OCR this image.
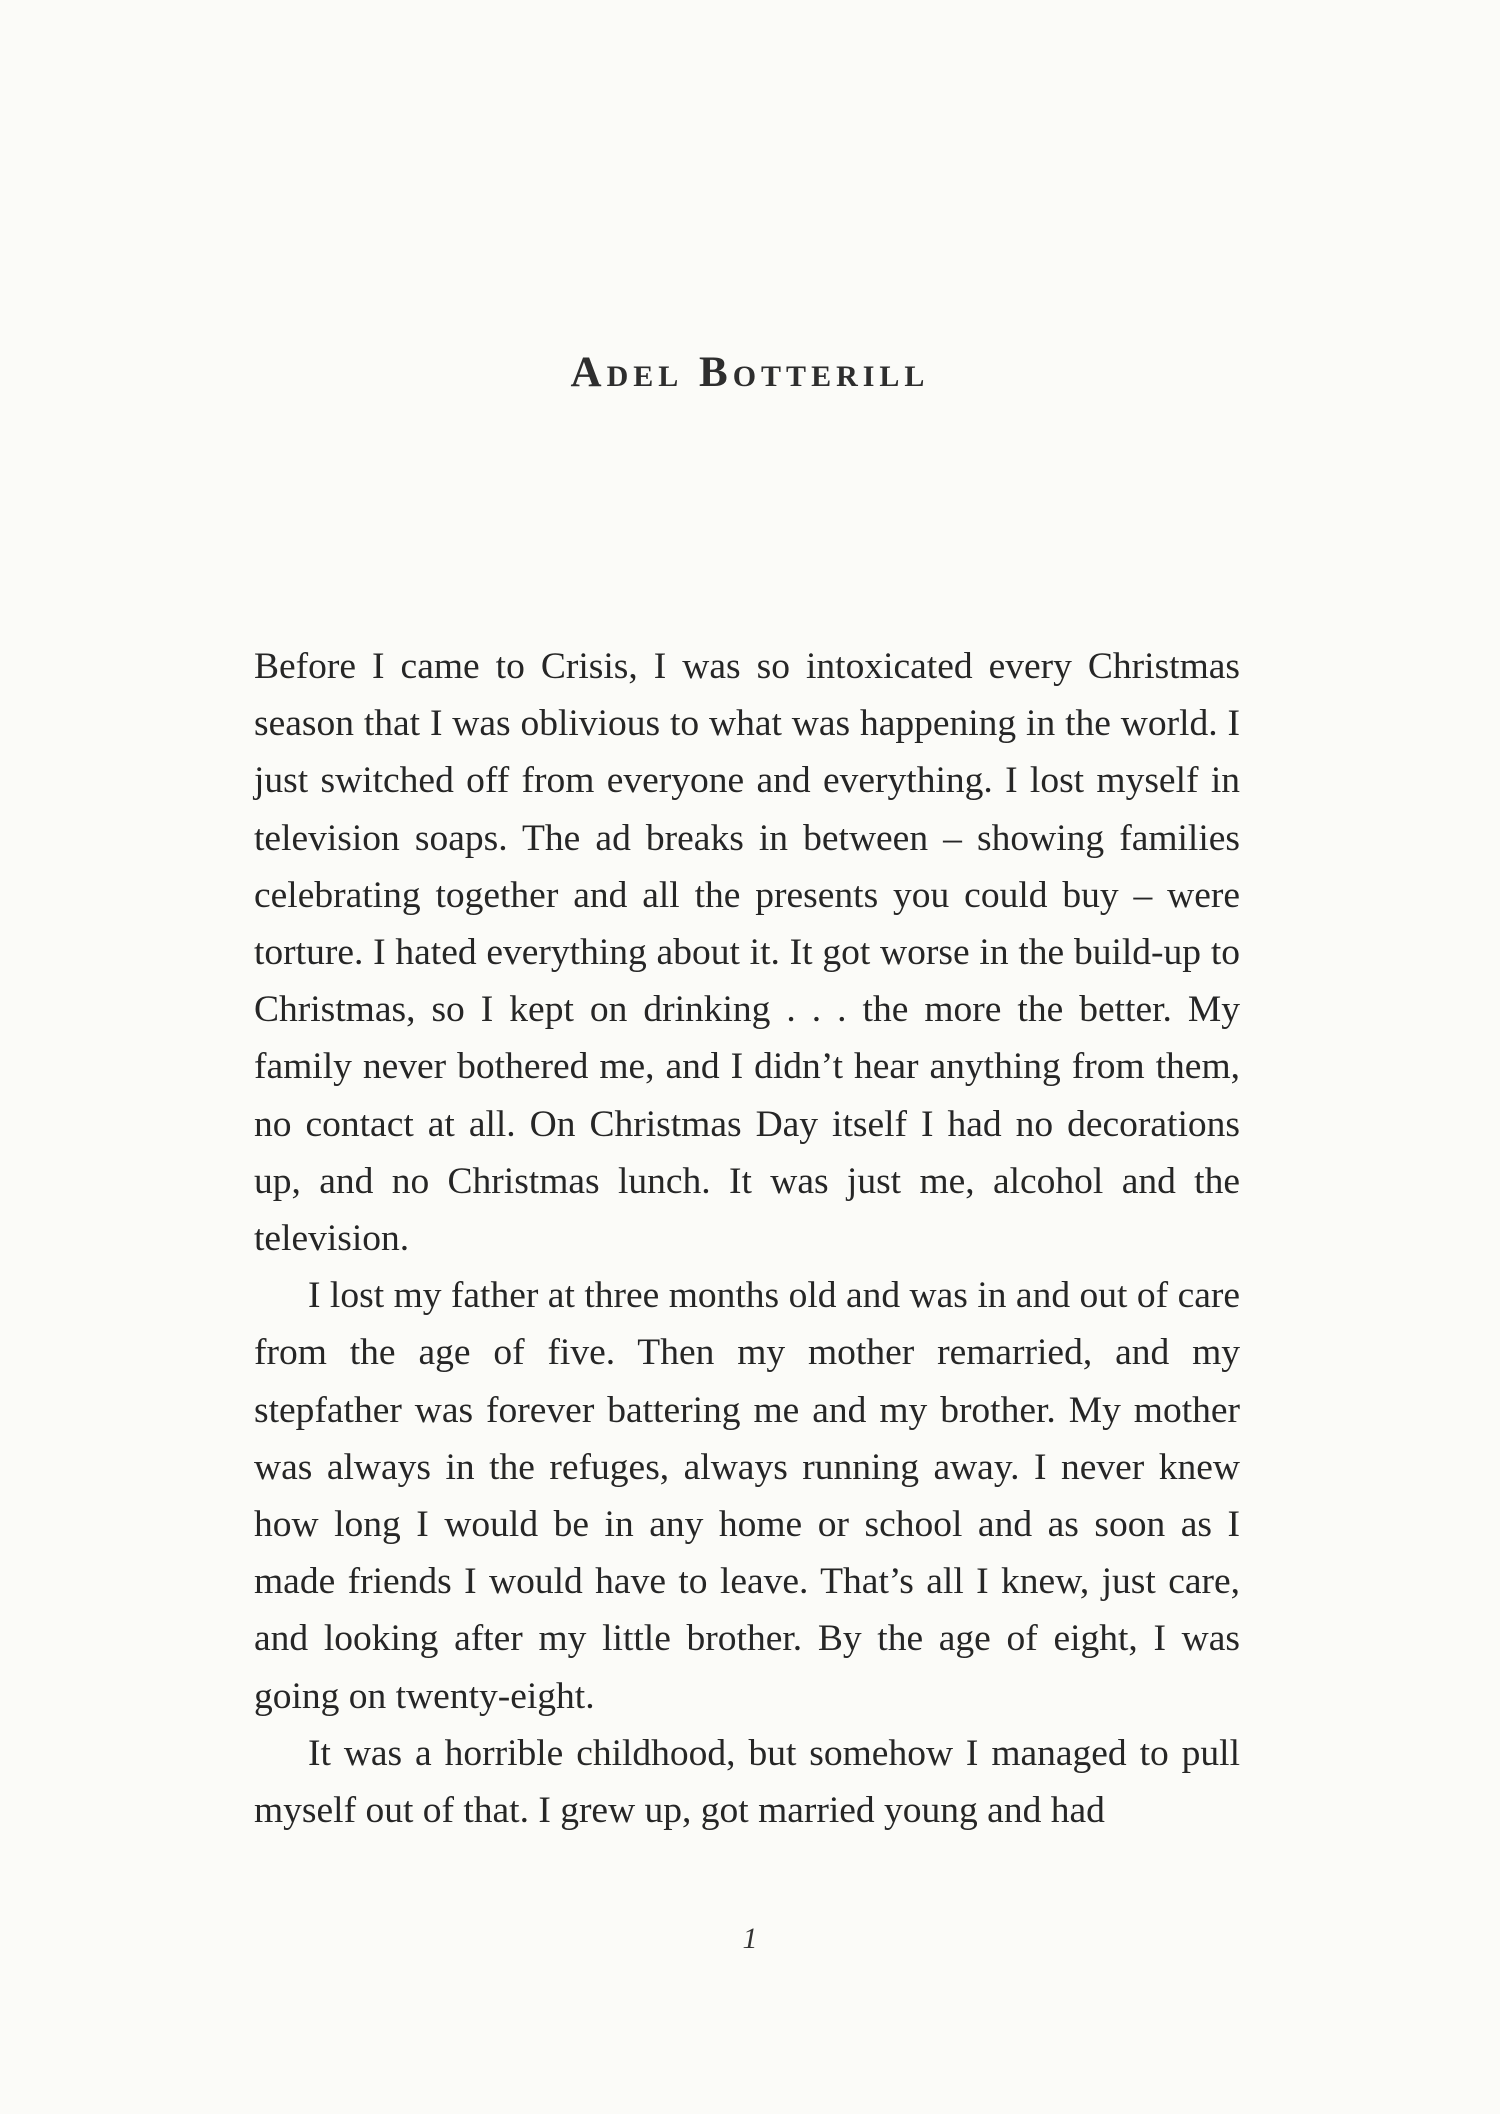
Adel Botterill

Before I came to Crisis, I was so intoxicated every Christmas season that I was oblivious to what was happening in the world. I just switched off from everyone and everything. I lost myself in television soaps. The ad breaks in between – showing families celebrating together and all the presents you could buy – were torture. I hated everything about it. It got worse in the build-up to Christmas, so I kept on drinking . . . the more the better. My family never bothered me, and I didn’t hear anything from them, no contact at all. On Christmas Day itself I had no decorations up, and no Christmas lunch. It was just me, alcohol and the television.

I lost my father at three months old and was in and out of care from the age of five. Then my mother remarried, and my stepfather was forever battering me and my brother. My mother was always in the refuges, always running away. I never knew how long I would be in any home or school and as soon as I made friends I would have to leave. That’s all I knew, just care, and looking after my little brother. By the age of eight, I was going on twenty-eight.

It was a horrible childhood, but somehow I managed to pull myself out of that. I grew up, got married young and had

1
